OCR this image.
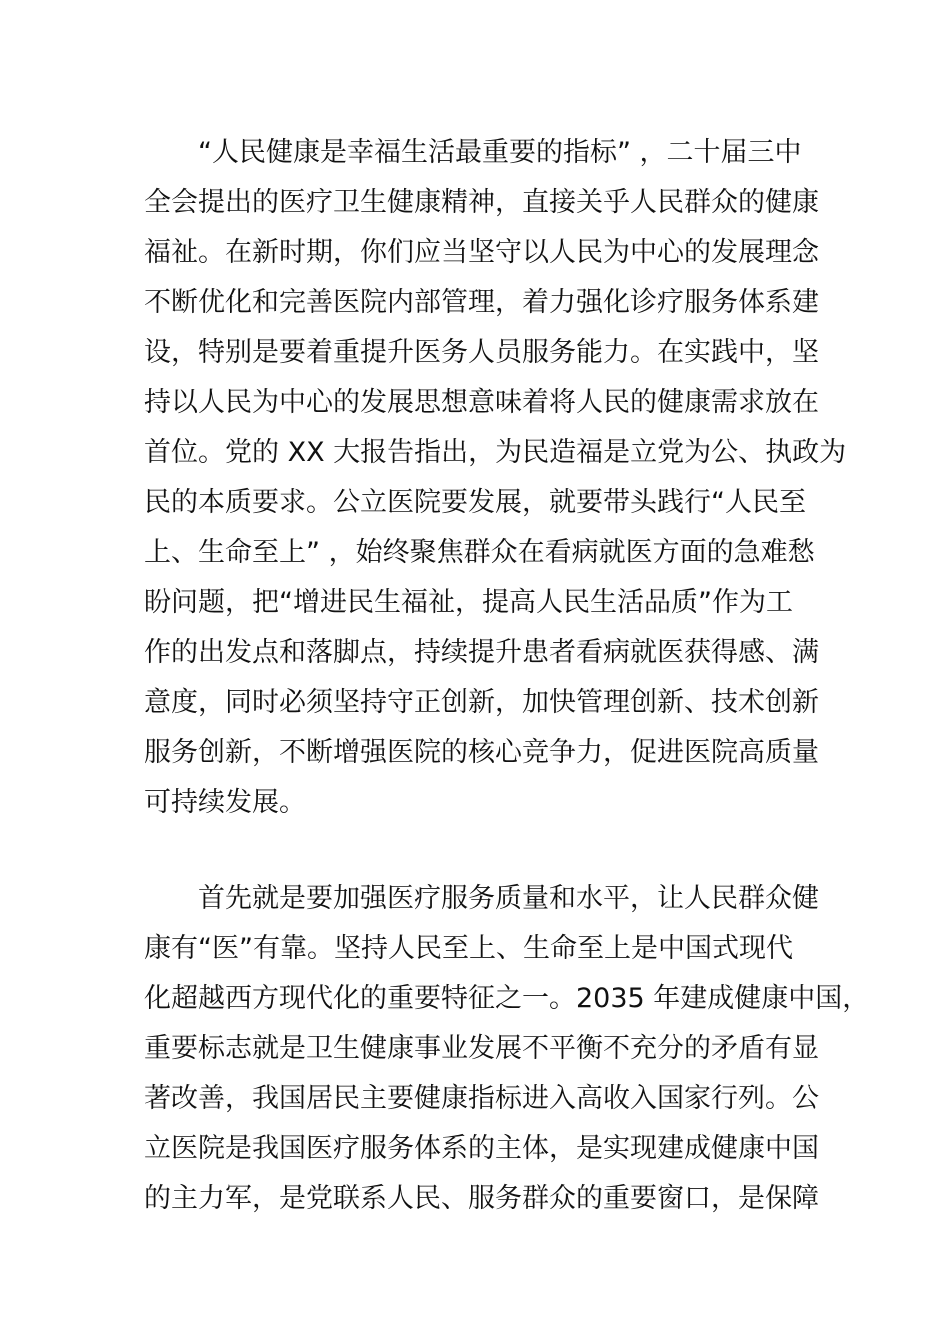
“人民健康是幸福生活最重要的指标” ，二十届三中
全会提出的医疗卫生健康精神，直接关乎人民群众的健康
福祉。在新时期，你们应当坚守以人民为中心的发展理念
不断优化和完善医院内部管理，着力强化诊疗服务体系建
设，特别是要着重提升医务人员服务能力。在实践中，坚
持以人民为中心的发展思想意味着将人民的健康需求放在
首位。党的 XX 大报告指出，为民造福是立党为公、执政为
民的本质要求。公立医院要发展，就要带头践行“人民至
上、生命至上” ，始终聚焦群众在看病就医方面的急难愁
盼问题，把“增进民生福祉，提高人民生活品质”作为工
作的出发点和落脚点，持续提升患者看病就医获得感、满
意度，同时必须坚持守正创新，加快管理创新、技术创新
服务创新，不断增强医院的核心竞争力，促进医院高质量
可持续发展。
首先就是要加强医疗服务质量和水平，让人民群众健
康有“医”有靠。坚持人民至上、生命至上是中国式现代
化超越西方现代化的重要特征之一。2035 年建成健康中国，
重要标志就是卫生健康事业发展不平衡不充分的矛盾有显
著改善，我国居民主要健康指标进入高收入国家行列。公
立医院是我国医疗服务体系的主体，是实现建成健康中国
的主力军，是党联系人民、服务群众的重要窗口，是保障
